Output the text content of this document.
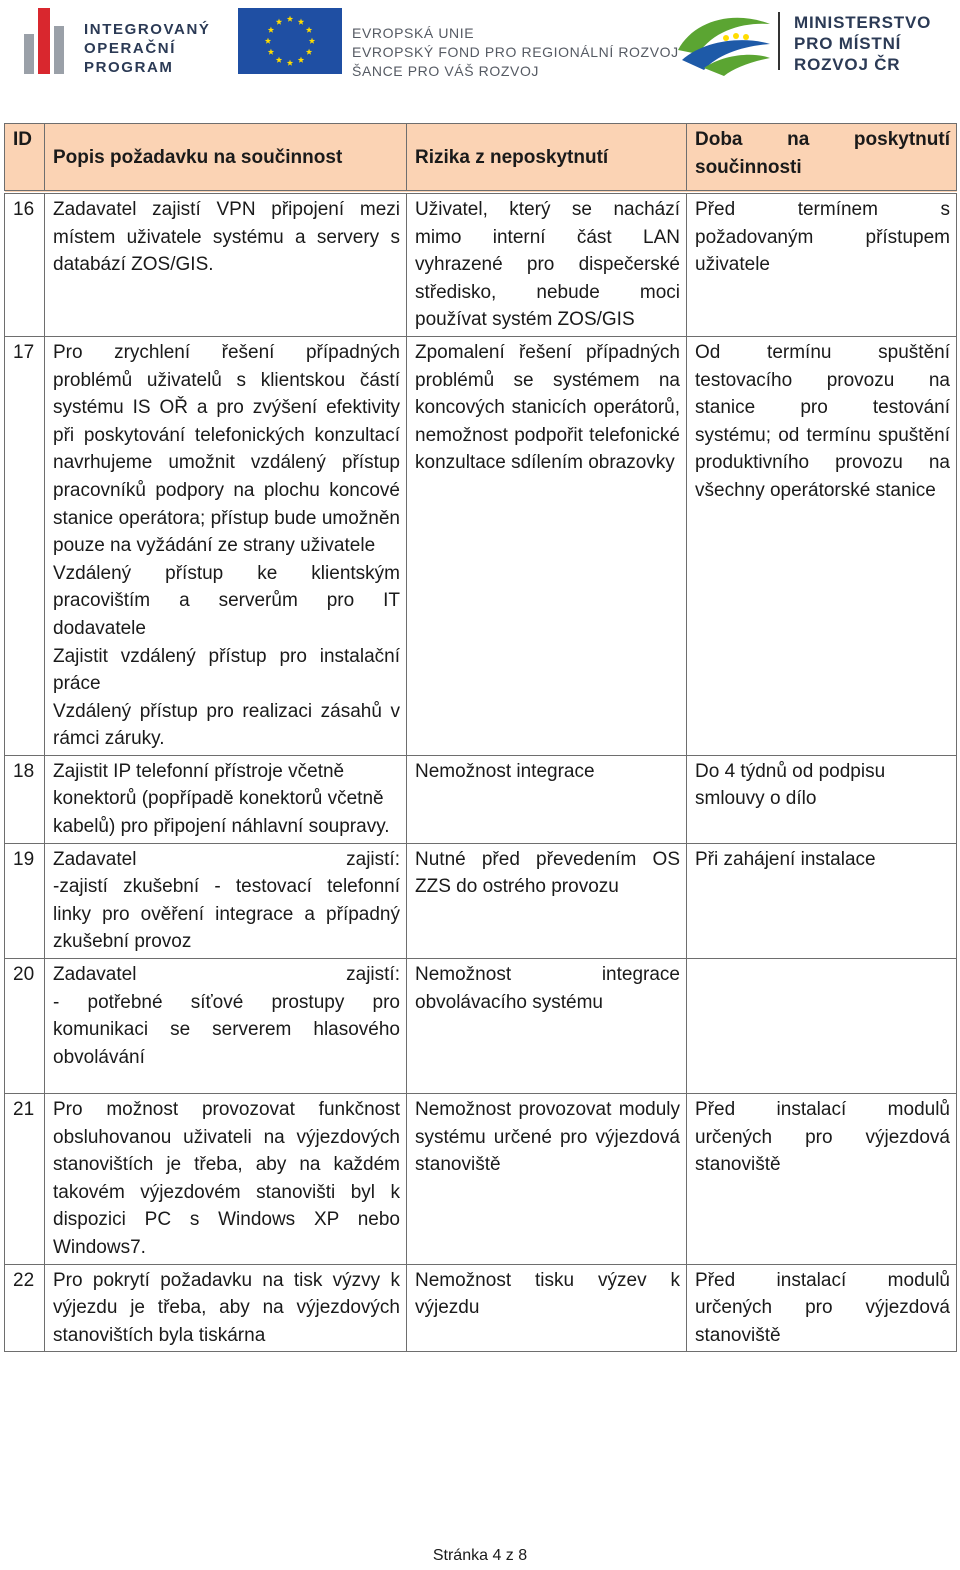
INTEGROVANÝ
OPERAČNÍ
PROGRAM
EVROPSKÁ UNIE
EVROPSKÝ FOND PRO REGIONÁLNÍ ROZVOJ
ŠANCE PRO VÁŠ ROZVOJ
MINISTERSTVO
PRO MÍSTNÍ
ROZVOJ ČR
ID	Popis požadavku na součinnost	Rizika z neposkytnutí	Doba na poskytnutí součinnosti
16	Zadavatel zajistí VPN připojení mezi místem uživatele systému a servery s databází ZOS/GIS.	Uživatel, který se nachází mimo interní část LAN vyhrazené pro dispečerské středisko, nebude moci používat systém ZOS/GIS	Před termínem s požadovaným přístupem uživatele
17	Pro zrychlení řešení případných problémů uživatelů s klientskou částí systému IS OŘ a pro zvýšení efektivity při poskytování telefonických konzultací navrhujeme umožnit vzdálený přístup pracovníků podpory na plochu koncové stanice operátora; přístup bude umožněn pouze na vyžádání ze strany uživatele
Vzdálený přístup ke klientským pracovištím a serverům pro IT dodavatele
Zajistit vzdálený přístup pro instalační práce
Vzdálený přístup pro realizaci zásahů v rámci záruky.	Zpomalení řešení případných problémů se systémem na koncových stanicích operátorů, nemožnost podpořit telefonické konzultace sdílením obrazovky	Od termínu spuštění testovacího provozu na stanice pro testování systému; od termínu spuštění produktivního provozu na všechny operátorské stanice
18	Zajistit IP telefonní přístroje včetně konektorů (popřípadě konektorů včetně kabelů) pro připojení náhlavní soupravy.	Nemožnost integrace	Do 4 týdnů od podpisu smlouvy o dílo
19	Zadavatel zajistí:
-zajistí zkušební - testovací telefonní linky pro ověření integrace a případný zkušební provoz	Nutné před převedením OS ZZS do ostrého provozu	Při zahájení instalace
20	Zadavatel zajistí:
- potřebné síťové prostupy pro komunikaci se serverem hlasového obvolávání	Nemožnost integrace obvolávacího systému	
21	Pro možnost provozovat funkčnost obsluhovanou uživateli na výjezdových stanovištích je třeba, aby na každém takovém výjezdovém stanovišti byl k dispozici PC s Windows XP nebo Windows7.	Nemožnost provozovat moduly systému určené pro výjezdová stanoviště	Před instalací modulů určených pro výjezdová stanoviště
22	Pro pokrytí požadavku na tisk výzvy k výjezdu je třeba, aby na výjezdových stanovištích byla tiskárna	Nemožnost tisku výzev k výjezdu	Před instalací modulů určených pro výjezdová stanoviště
Stránka 4 z 8
